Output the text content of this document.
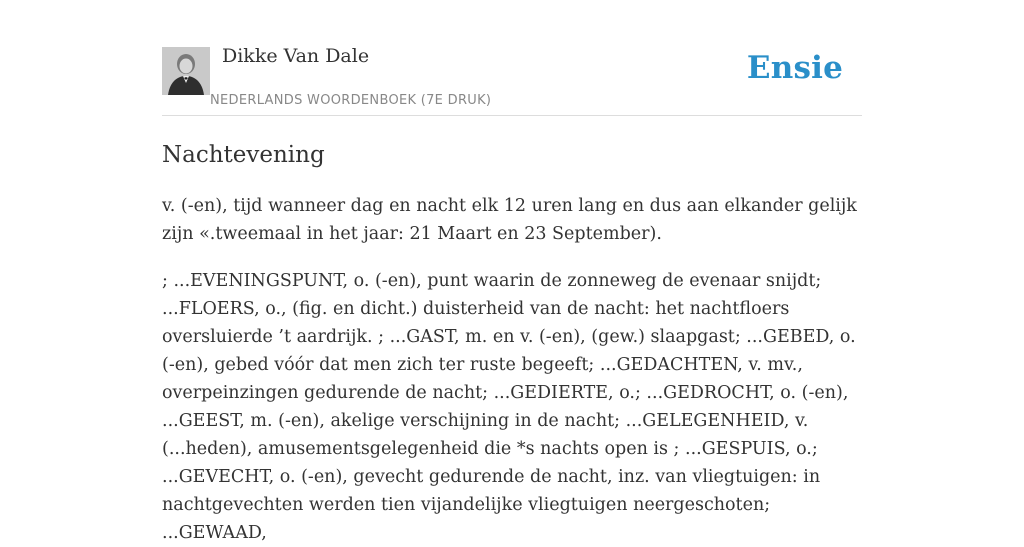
Dikke Van Dale
NEDERLANDS WOORDENBOEK (7E DRUK)
Ensie
Nachtevening

v. (-en), tijd wanneer dag en nacht elk 12 uren lang en dus aan elkander gelijk zijn «.tweemaal in het jaar: 21 Maart en 23 September).

; ...EVENINGSPUNT, o. (-en), punt waarin de zonneweg de evenaar snijdt; ...FLOERS, o., (fig. en dicht.) duisterheid van de nacht: het nachtfloers oversluierde ’t aardrijk. ; ...GAST, m. en v. (-en), (gew.) slaapgast; ...GEBED, o. (-en), gebed vóór dat men zich ter ruste begeeft; ...GEDACHTEN, v. mv., overpeinzingen gedurende de nacht; ...GEDIERTE, o.; ...GEDROCHT, o. (-en), ...GEEST, m. (-en), akelige verschijning in de nacht; ...GELEGENHEID, v. (...heden), amusementsgelegenheid die *s nachts open is ; ...GESPUIS, o.; ...GEVECHT, o. (-en), gevecht gedurende de nacht, inz. van vliegtuigen: in nachtgevechten werden tien vijandelijke vliegtuigen neergeschoten; ...GEWAAD,
